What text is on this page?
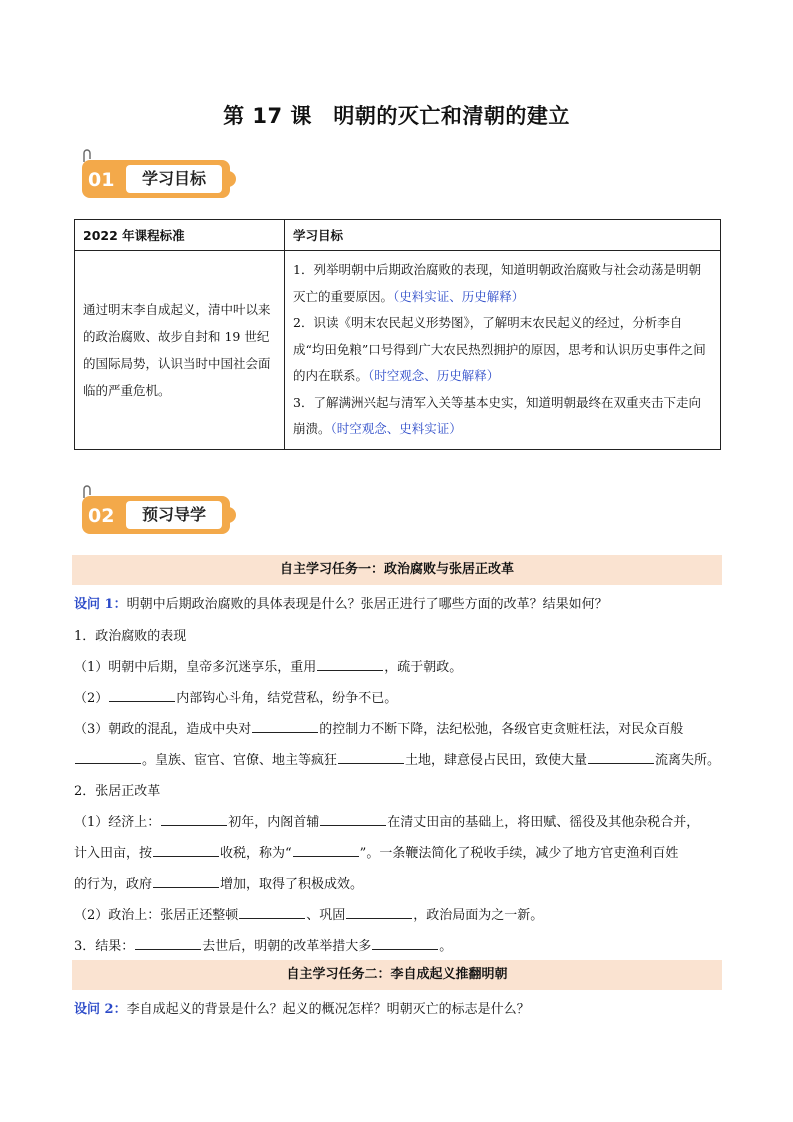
第 17 课　明朝的灭亡和清朝的建立
01	学习目标
2022 年课程标准	学习目标
通过明末李自成起义，清中叶以来的政治腐败、故步自封和 19 世纪的国际局势，认识当时中国社会面临的严重危机。	1．列举明朝中后期政治腐败的表现，知道明朝政治腐败与社会动荡是明朝灭亡的重要原因。（史料实证、历史解释）
2．识读《明末农民起义形势图》，了解明末农民起义的经过，分析李自成“均田免粮”口号得到广大农民热烈拥护的原因，思考和认识历史事件之间的内在联系。（时空观念、历史解释）
3．了解满洲兴起与清军入关等基本史实，知道明朝最终在双重夹击下走向崩溃。（时空观念、史料实证）
02	预习导学
自主学习任务一：政治腐败与张居正改革
设问 1：明朝中后期政治腐败的具体表现是什么？张居正进行了哪些方面的改革？结果如何？
1．政治腐败的表现
（1）明朝中后期，皇帝多沉迷享乐，重用	，疏于朝政。
（2）	内部钩心斗角，结党营私，纷争不已。
（3）朝政的混乱，造成中央对	的控制力不断下降，法纪松弛，各级官吏贪赃枉法，对民众百般
。皇族、宦官、官僚、地主等疯狂	土地，肆意侵占民田，致使大量	流离失所。
2．张居正改革
（1）经济上：	初年，内阁首辅	在清丈田亩的基础上，将田赋、徭役及其他杂税合并，
计入田亩，按	收税，称为“	”。一条鞭法简化了税收手续，减少了地方官吏渔利百姓
的行为，政府	增加，取得了积极成效。
（2）政治上：张居正还整顿	、巩固	，政治局面为之一新。
3．结果：	去世后，明朝的改革举措大多	。
自主学习任务二：李自成起义推翻明朝
设问 2：李自成起义的背景是什么？起义的概况怎样？明朝灭亡的标志是什么？
